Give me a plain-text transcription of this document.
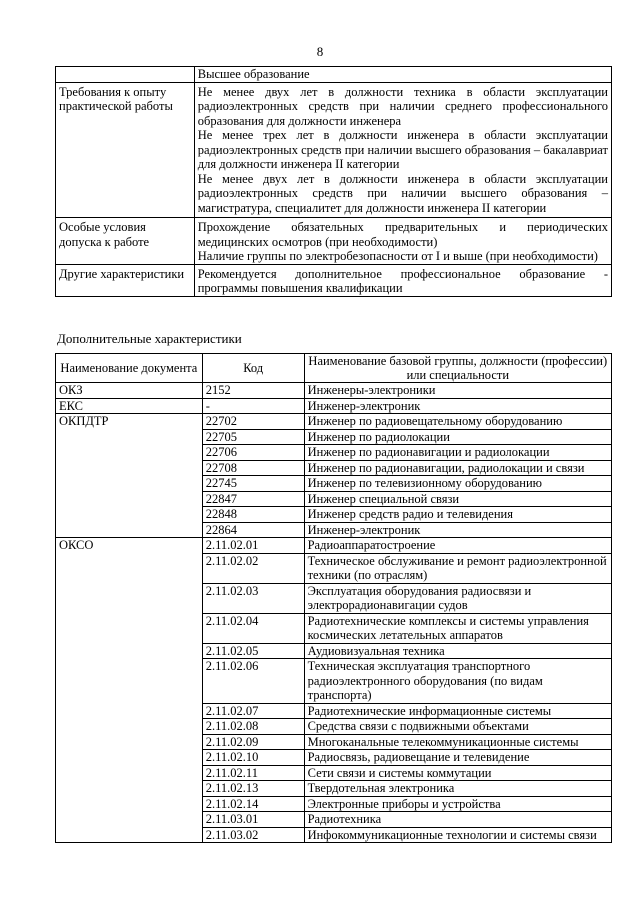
8
	Высшее образование
Требования к опыту практической работы	Не менее двух лет в должности техника в области эксплуатации радиоэлектронных средств при наличии среднего профессионального образования для должности инженера
Не менее трех лет в должности инженера в области эксплуатации радиоэлектронных средств при наличии высшего образования – бакалавриат для должности инженера II категории
Не менее двух лет в должности инженера в области эксплуатации радиоэлектронных средств при наличии высшего образования – магистратура, специалитет для должности инженера II категории

Особые условия допуска к работе	Прохождение обязательных предварительных и периодических медицинских осмотров (при необходимости)
Наличие группы по электробезопасности от I и выше (при необходимости)

Другие характеристики	Рекомендуется дополнительное профессиональное образование - программы повышения квалификации
Дополнительные характеристики
Наименование документа	Код	Наименование базовой группы, должности (профессии) или специальности
ОКЗ	2152	Инженеры-электроники
ЕКС	-	Инженер-электроник
ОКПДТР	22702	Инженер по радиовещательному оборудованию
	22705	Инженер по радиолокации
	22706	Инженер по радионавигации и радиолокации
	22708	Инженер по радионавигации, радиолокации и связи
	22745	Инженер по телевизионному оборудованию
	22847	Инженер специальной связи
	22848	Инженер средств радио и телевидения
	22864	Инженер-электроник
ОКСО	2.11.02.01	Радиоаппаратостроение
	2.11.02.02	Техническое обслуживание и ремонт радиоэлектронной техники (по отраслям)
	2.11.02.03	Эксплуатация оборудования радиосвязи и электрорадионавигации судов
	2.11.02.04	Радиотехнические комплексы и системы управления космических летательных аппаратов
	2.11.02.05	Аудиовизуальная техника
	2.11.02.06	Техническая эксплуатация транспортного радиоэлектронного оборудования (по видам транспорта)
	2.11.02.07	Радиотехнические информационные системы
	2.11.02.08	Средства связи с подвижными объектами
	2.11.02.09	Многоканальные телекоммуникационные системы
	2.11.02.10	Радиосвязь, радиовещание и телевидение
	2.11.02.11	Сети связи и системы коммутации
	2.11.02.13	Твердотельная электроника
	2.11.02.14	Электронные приборы и устройства
	2.11.03.01	Радиотехника
	2.11.03.02	Инфокоммуникационные технологии и системы связи
